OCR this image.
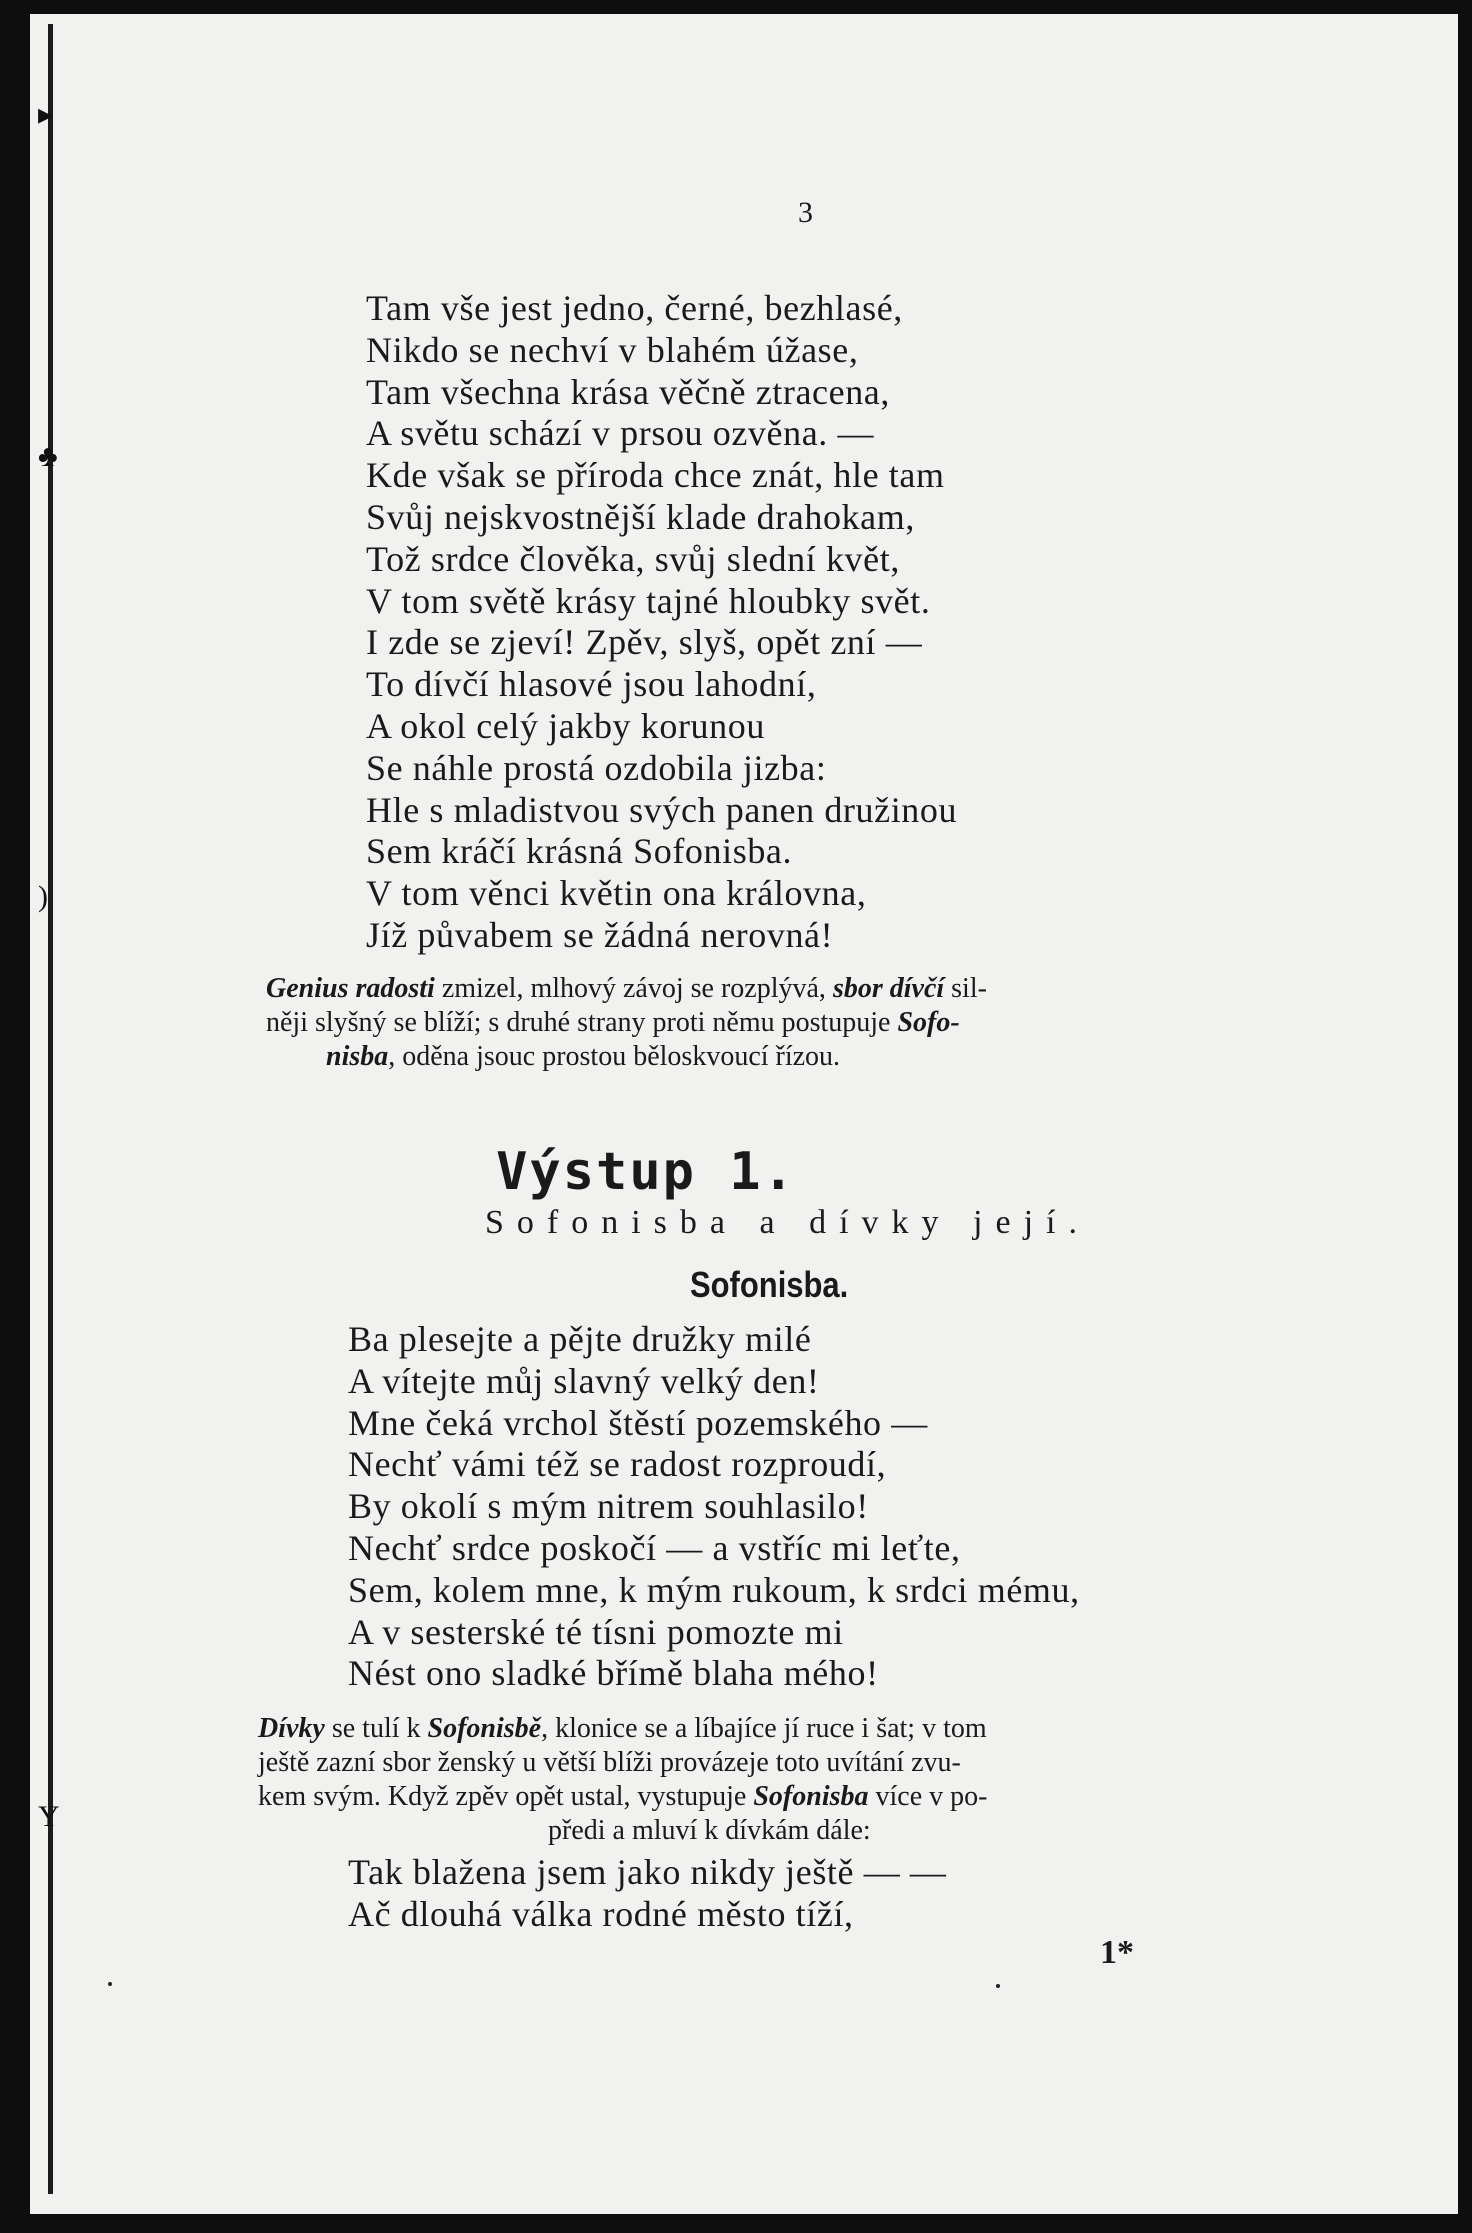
▸
♣
)
Y
3
Tam vše jest jedno, černé, bezhlasé,
Nikdo se nechví v blahém úžase,
Tam všechna krása věčně ztracena,
A světu schází v prsou ozvěna. —
Kde však se příroda chce znát, hle tam
Svůj nejskvostnější klade drahokam,
Tož srdce člověka, svůj slední květ,
V tom světě krásy tajné hloubky svět.
I zde se zjeví! Zpěv, slyš, opět zní —
To dívčí hlasové jsou lahodní,
A okol celý jakby korunou
Se náhle prostá ozdobila jizba:
Hle s mladistvou svých panen družinou
Sem kráčí krásná Sofonisba.
V tom věnci květin ona královna,
Jíž půvabem se žádná nerovná!
Genius radosti zmizel, mlhový závoj se rozplývá, sbor dívčí sil-
něji slyšný se blíží; s druhé strany proti němu postupuje Sofo-
nisba, oděna jsouc prostou běloskvoucí řízou.
Výstup 1.
Sofonisba a dívky její.
Sofonisba.
Ba plesejte a pějte družky milé
A vítejte můj slavný velký den!
Mne čeká vrchol štěstí pozemského —
Nechť vámi též se radost rozproudí,
By okolí s mým nitrem souhlasilo!
Nechť srdce poskočí — a vstříc mi leťte,
Sem, kolem mne, k mým rukoum, k srdci mému,
A v sesterské té tísni pomozte mi
Nést ono sladké břímě blaha mého!
Dívky se tulí k Sofonisbě, klonice se a líbajíce jí ruce i šat; v tom
ještě zazní sbor ženský u větší blíži provázeje toto uvítání zvu-
kem svým. Když zpěv opět ustal, vystupuje Sofonisba více v po-
předi a mluví k dívkám dále:
Tak blažena jsem jako nikdy ještě — —
Ač dlouhá válka rodné město tíží,
1*
